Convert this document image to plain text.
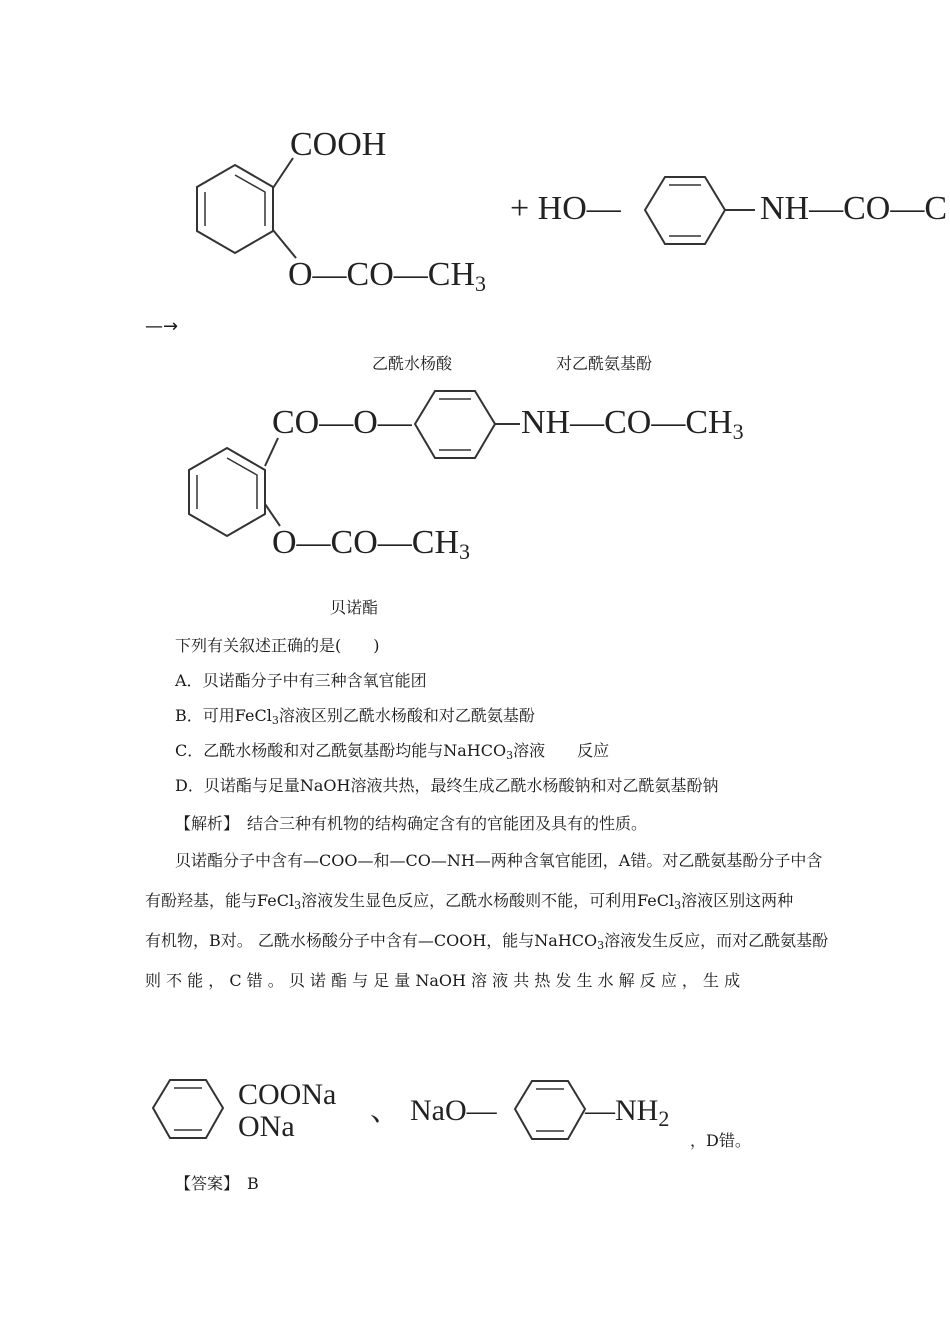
COOH
$O—CO—CH_3$
+ HO—	NH—CO—C
—→
乙酰水杨酸	对乙酰氨基酚
CO—O—	$NH—CO—CH_3$
$O—CO—CH_3$
贝诺酯
下列有关叙述正确的是(　　)
A．贝诺酯分子中有三种含氧官能团
B．可用FeCl3溶液区别乙酰水杨酸和对乙酰氨基酚
C．乙酰水杨酸和对乙酰氨基酚均能与NaHCO3溶液　　反应
D．贝诺酯与足量NaOH溶液共热，最终生成乙酰水杨酸钠和对乙酰氨基酚钠
【解析】　 结合三种有机物的结构确定含有的官能团及具有的性质。
贝诺酯分子中含有—COO—和—CO—NH—两种含氧官能团，A错。对乙酰氨基酚分子中含
有酚羟基，能与FeCl3溶液发生显色反应，乙酰水杨酸则不能，可利用FeCl3溶液区别这两种
有机物，B对。 乙酰水杨酸分子中含有—COOH，能与NaHCO3溶液发生反应，而对乙酰氨基酚
则 不 能 ， C 错 。 贝 诺 酯 与 足 量 NaOH 溶 液 共 热 发 生 水 解 反 应 ， 生 成
COONa
ONa	、 NaO—	$—NH_2$
，D错。
【答案】　 B
